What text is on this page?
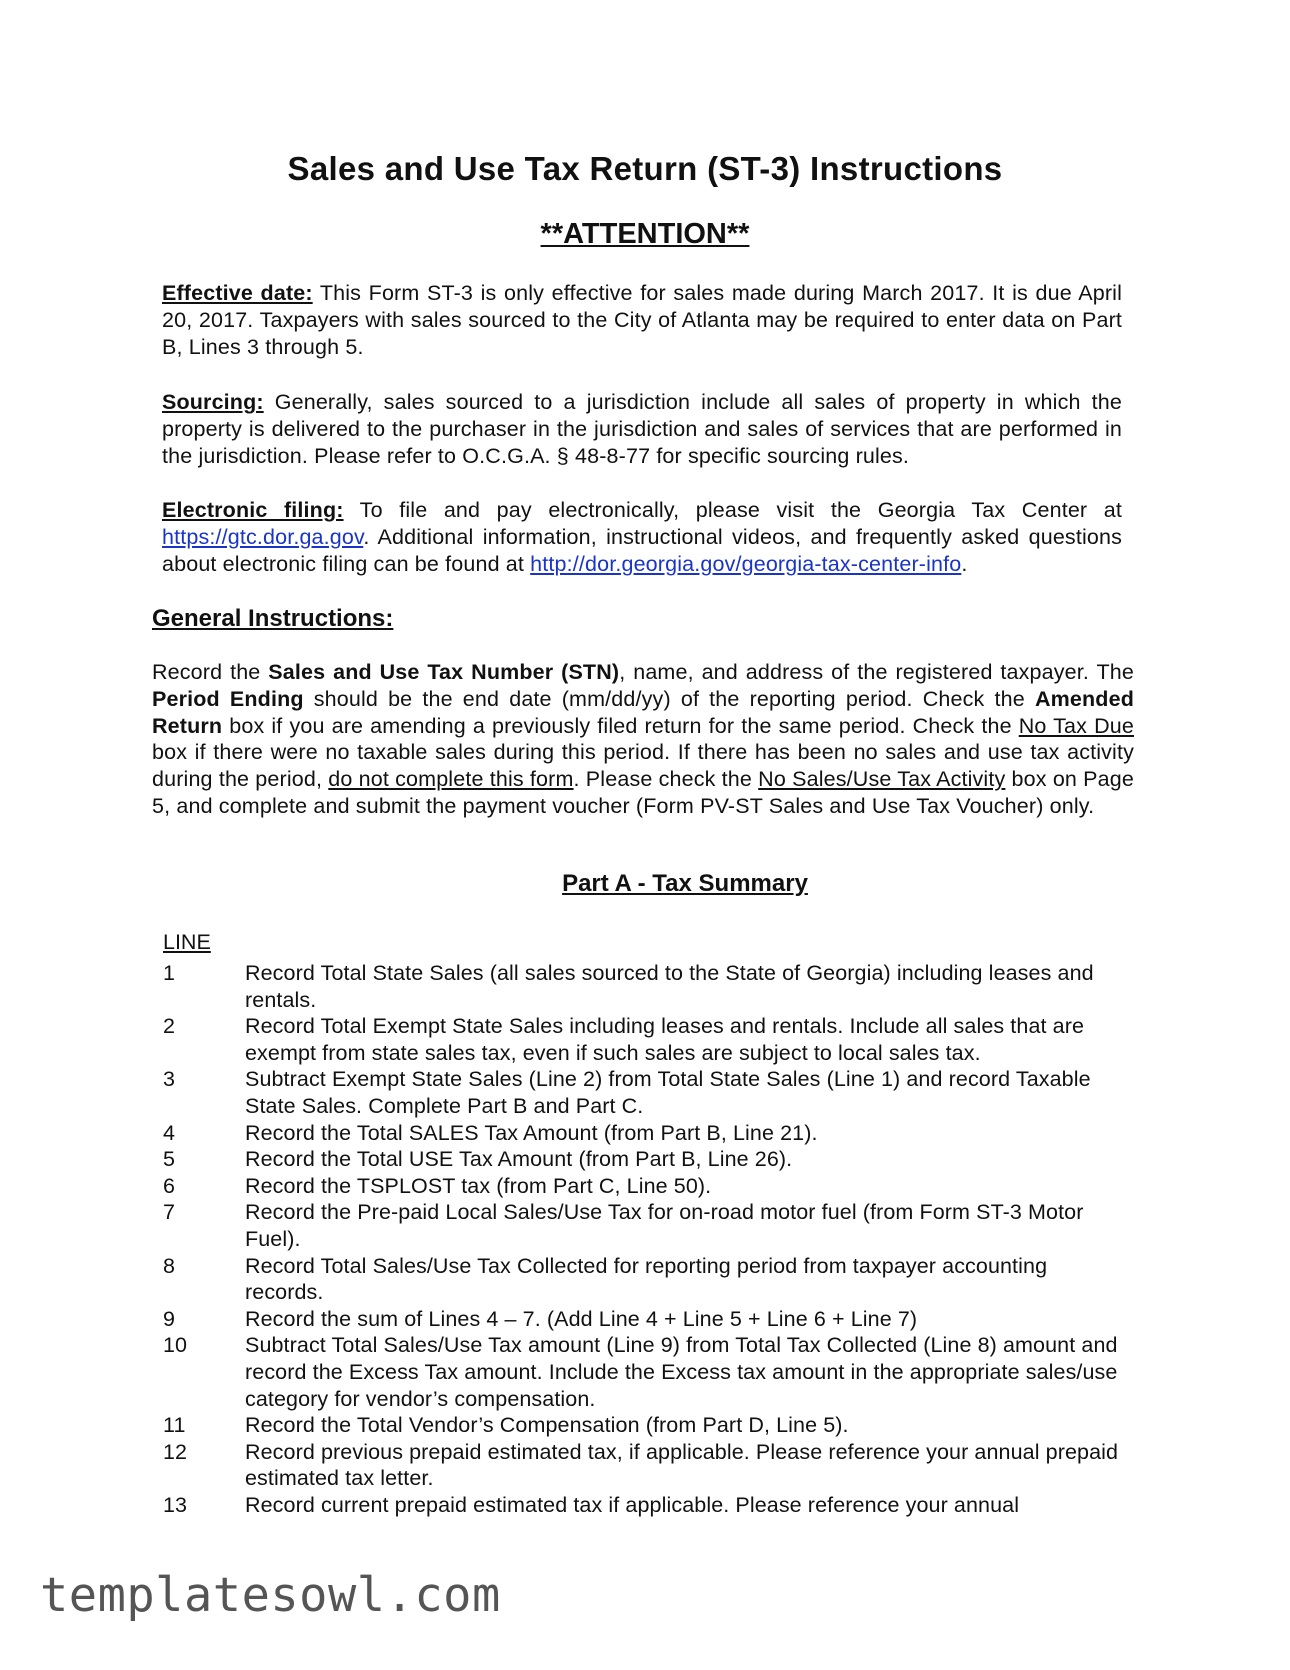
Sales and Use Tax Return (ST-3) Instructions
**ATTENTION**

Effective date: This Form ST-3 is only effective for sales made during March 2017. It is due April 20, 2017. Taxpayers with sales sourced to the City of Atlanta may be required to enter data on Part B, Lines 3 through 5.

Sourcing: Generally, sales sourced to a jurisdiction include all sales of property in which the property is delivered to the purchaser in the jurisdiction and sales of services that are performed in the jurisdiction. Please refer to O.C.G.A. § 48-8-77 for specific sourcing rules.

Electronic filing: To file and pay electronically, please visit the Georgia Tax Center at https://gtc.dor.ga.gov. Additional information, instructional videos, and frequently asked questions about electronic filing can be found at http://dor.georgia.gov/georgia-tax-center-info.

General Instructions:

Record the Sales and Use Tax Number (STN), name, and address of the registered taxpayer. The Period Ending should be the end date (mm/dd/yy) of the reporting period. Check the Amended Return box if you are amending a previously filed return for the same period. Check the No Tax Due box if there were no taxable sales during this period. If there has been no sales and use tax activity during the period, do not complete this form. Please check the No Sales/Use Tax Activity box on Page 5, and complete and submit the payment voucher (Form PV-ST Sales and Use Tax Voucher) only.

Part A - Tax Summary
LINE
1	Record Total State Sales (all sales sourced to the State of Georgia) including leases and rentals.
2	Record Total Exempt State Sales including leases and rentals. Include all sales that are exempt from state sales tax, even if such sales are subject to local sales tax.
3	Subtract Exempt State Sales (Line 2) from Total State Sales (Line 1) and record Taxable State Sales. Complete Part B and Part C.
4	Record the Total SALES Tax Amount (from Part B, Line 21).
5	Record the Total USE Tax Amount (from Part B, Line 26).
6	Record the TSPLOST tax (from Part C, Line 50).
7	Record the Pre-paid Local Sales/Use Tax for on-road motor fuel (from Form ST-3 Motor Fuel).
8	Record Total Sales/Use Tax Collected for reporting period from taxpayer accounting records.
9	Record the sum of Lines 4 – 7. (Add Line 4 + Line 5 + Line 6 + Line 7)
10	Subtract Total Sales/Use Tax amount (Line 9) from Total Tax Collected (Line 8) amount and record the Excess Tax amount. Include the Excess tax amount in the appropriate sales/use category for vendor’s compensation.
11	Record the Total Vendor’s Compensation (from Part D, Line 5).
12	Record previous prepaid estimated tax, if applicable. Please reference your annual prepaid estimated tax letter.
13	Record current prepaid estimated tax if applicable. Please reference your annual
templatesowl.com
